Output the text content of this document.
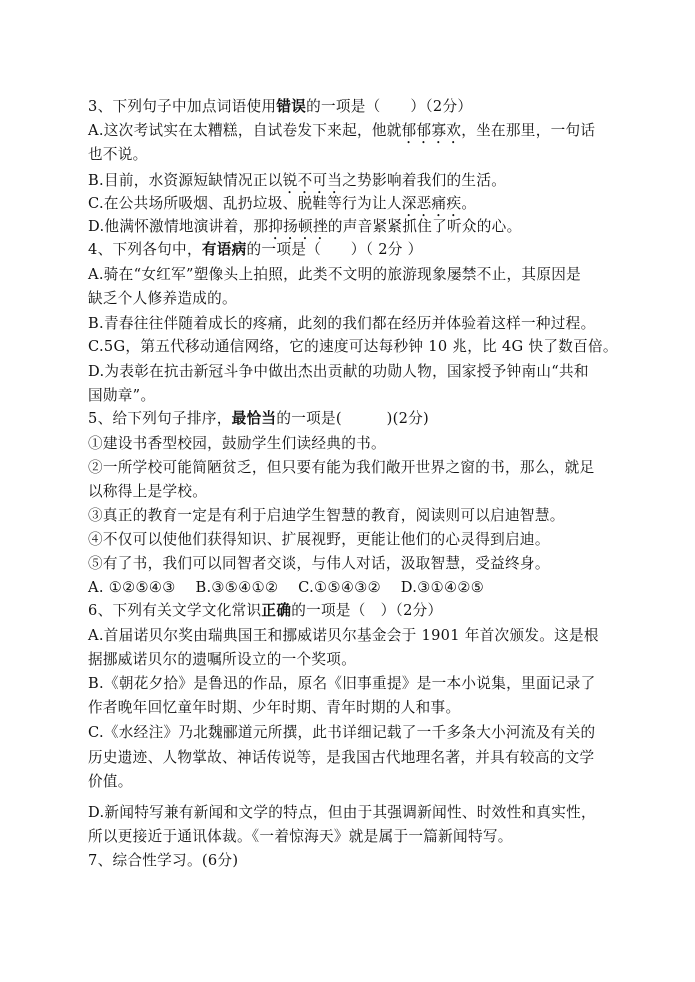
3、下列句子中加点词语使用错误的一项是（　　）（2分）
A.这次考试实在太糟糕，自试卷发下来起，他就郁郁寡欢，坐在那里，一句话
也不说。
B.目前，水资源短缺情况正以锐不可当之势影响着我们的生活。
C.在公共场所吸烟、乱扔垃圾、脱鞋等行为让人深恶痛疾。
D.他满怀激情地演讲着，那抑扬顿挫的声音紧紧抓住了听众的心。
4、下列各句中，有语病的一项是（　　）（ 2分 ）
A.骑在“女红军”塑像头上拍照，此类不文明的旅游现象屡禁不止，其原因是
缺乏个人修养造成的。
B.青春往往伴随着成长的疼痛，此刻的我们都在经历并体验着这样一种过程。
C.5G，第五代移动通信网络，它的速度可达每秒钟 10 兆，比 4G 快了数百倍。
D.为表彰在抗击新冠斗争中做出杰出贡献的功勋人物，国家授予钟南山“共和
国勋章”。
5、给下列句子排序，最恰当的一项是(　　　)(2分)
①建设书香型校园，鼓励学生们读经典的书。
②一所学校可能简陋贫乏，但只要有能为我们敞开世界之窗的书，那么，就足
以称得上是学校。
③真正的教育一定是有利于启迪学生智慧的教育，阅读则可以启迪智慧。
④不仅可以使他们获得知识、扩展视野，更能让他们的心灵得到启迪。
⑤有了书，我们可以同智者交谈，与伟人对话，汲取智慧，受益终身。
A. ①②⑤④③　 B.③⑤④①②　 C.①⑤④③②　 D.③①④②⑤
6、下列有关文学文化常识正确的一项是（　）（2分）
A.首届诺贝尔奖由瑞典国王和挪威诺贝尔基金会于 1901 年首次颁发。这是根
据挪威诺贝尔的遗嘱所设立的一个奖项。
B.《朝花夕拾》是鲁迅的作品，原名《旧事重提》是一本小说集，里面记录了
作者晚年回忆童年时期、少年时期、青年时期的人和事。
C.《水经注》乃北魏郦道元所撰，此书详细记载了一千多条大小河流及有关的
历史遗迹、人物掌故、神话传说等，是我国古代地理名著，并具有较高的文学
价值。
D.新闻特写兼有新闻和文学的特点，但由于其强调新闻性、时效性和真实性，
所以更接近于通讯体裁。《一着惊海天》就是属于一篇新闻特写。
7、综合性学习。(6分)
